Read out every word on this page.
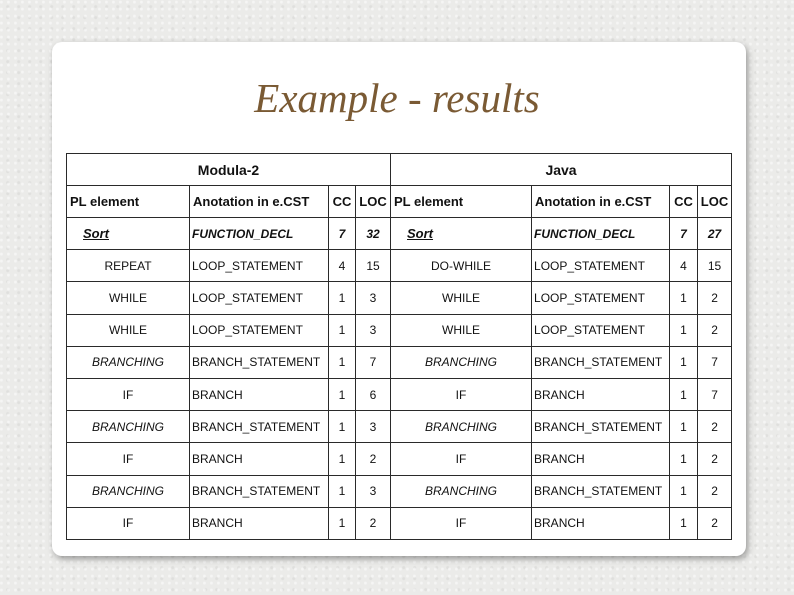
Example - results
Modula-2				Java			
PL element	Anotation in e.CST	CC	LOC	PL element	Anotation in e.CST	CC	LOC
Sort	FUNCTION_DECL	7	32	Sort	FUNCTION_DECL	7	27
REPEAT	LOOP_STATEMENT	4	15	DO-WHILE	LOOP_STATEMENT	4	15
WHILE	LOOP_STATEMENT	1	3	WHILE	LOOP_STATEMENT	1	2
WHILE	LOOP_STATEMENT	1	3	WHILE	LOOP_STATEMENT	1	2
BRANCHING	BRANCH_STATEMENT	1	7	BRANCHING	BRANCH_STATEMENT	1	7
IF	BRANCH	1	6	IF	BRANCH	1	7
BRANCHING	BRANCH_STATEMENT	1	3	BRANCHING	BRANCH_STATEMENT	1	2
IF	BRANCH	1	2	IF	BRANCH	1	2
BRANCHING	BRANCH_STATEMENT	1	3	BRANCHING	BRANCH_STATEMENT	1	2
IF	BRANCH	1	2	IF	BRANCH	1	2
